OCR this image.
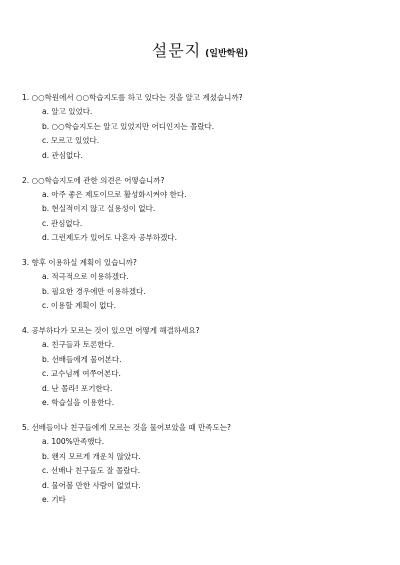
설문지 (일반학원)
1. ○○학원에서 ○○학습지도를 하고 있다는 것을 알고 계셨습니까?
a. 알고 있었다.
b. ○○학습지도는 알고 있었지만 어디인지는 몰랐다.
c. 모르고 있었다.
d. 관심없다.
2. ○○학습지도에 관한 의견은 어떻습니까?
a. 아주 좋은 제도이므로 활성화시켜야 한다.
b. 현실적이지 않고 실용성이 없다.
c. 관심없다.
d. 그런제도가 있어도 나혼자 공부하겠다.
3. 향후 이용하실 계획이 있습니까?
a. 적극적으로 이용하겠다.
b. 필요한 경우에만 이용하겠다.
c. 이용할 계획이 없다.
4. 공부하다가 모르는 것이 있으면 어떻게 해결하세요?
a. 친구들과 토론한다.
b. 선배들에게 물어본다.
c. 교수님께 여쭈어본다.
d. 난 몰라! 포기한다.
e. 학습실을 이용한다.
5. 선배들이나 친구들에게 모르는 것을 물어보았을 때 만족도는?
a. 100%만족했다.
b. 왠지 모르게 개운치 않았다.
c. 선배나 친구들도 잘 몰랐다.
d. 물어볼 만한 사람이 없었다.
e. 기타
